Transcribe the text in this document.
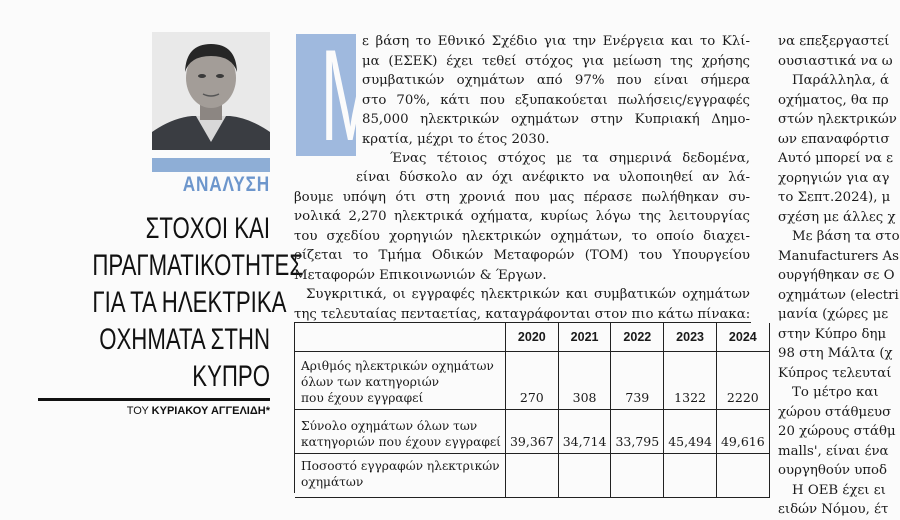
ΑΝΑΛΥΣΗ
ΣΤΟΧΟΙ ΚΑΙ
ΠΡΑΓΜΑΤΙΚΟΤΗΤΕΣ
ΓΙΑ ΤΑ ΗΛΕΚΤΡΙΚΑ
ΟΧΗΜΑΤΑ ΣΤΗΝ
ΚΥΠΡΟ
ΤΟΥ ΚΥΡΙΑΚΟΥ ΑΓΓΕΛΙΔΗ*
Μ
ε βάση το Εθνικό Σχέδιο για την Ενέργεια και το Κλί-
μα (ΕΣΕΚ) έχει τεθεί στόχος για μείωση της χρήσης
συμβατικών οχημάτων από 97% που είναι σήμερα
στο 70%, κάτι που εξυπακούεται πωλήσεις/εγγραφές
85,000 ηλεκτρικών οχημάτων στην Κυπριακή Δημο-
κρατία, μέχρι το έτος 2030.
Ένας τέτοιος στόχος με τα σημερινά δεδομένα,
είναι δύσκολο αν όχι ανέφικτο να υλοποιηθεί αν λά-
βουμε υπόψη ότι στη χρονιά που μας πέρασε πωλήθηκαν συ-
νολικά 2,270 ηλεκτρικά οχήματα, κυρίως λόγω της λειτουργίας
του σχεδίου χορηγιών ηλεκτρικών οχημάτων, το οποίο διαχει-
ρίζεται το Τμήμα Οδικών Μεταφορών (ΤΟΜ) του Υπουργείου
Μεταφορών Επικοινωνιών & Έργων.
Συγκριτικά, οι εγγραφές ηλεκτρικών και συμβατικών οχημάτων
της τελευταίας πενταετίας, καταγράφονται στον πιο κάτω πίνακα:
	2020	2021	2022	2023	2024

Αριθμός ηλεκτρικών οχημάτων
όλων των κατηγοριών
που έχουν εγγραφεί	270	308	739	1322	2220

Σύνολο οχημάτων όλων των
κατηγοριών που έχουν εγγραφεί	39,367	34,714	33,795	45,494	49,616

Ποσοστό εγγραφών ηλεκτρικών
οχημάτων					

να επεξεργαστεί
ουσιαστικά να ω
Παράλληλα, ά
οχήματος, θα πρ
στών ηλεκτρικών
ων επαναφόρτισ
Αυτό μπορεί να ε
χορηγιών για αγ
το Σεπτ.2024), μ
σχέση με άλλες χ
Με βάση τα στο
Manufacturers As
ουργήθηκαν σε Ο
οχημάτων (electri
μανία (χώρες με
στην Κύπρο δημ
98 στη Μάλτα (χ
Κύπρος τελευταί
Το μέτρο και
χώρου στάθμευσ
20 χώρους στάθμ
malls', είναι ένα
ουργηθούν υποδ
Η ΟΕΒ έχει ει
ειδών Νόμου, έτ
